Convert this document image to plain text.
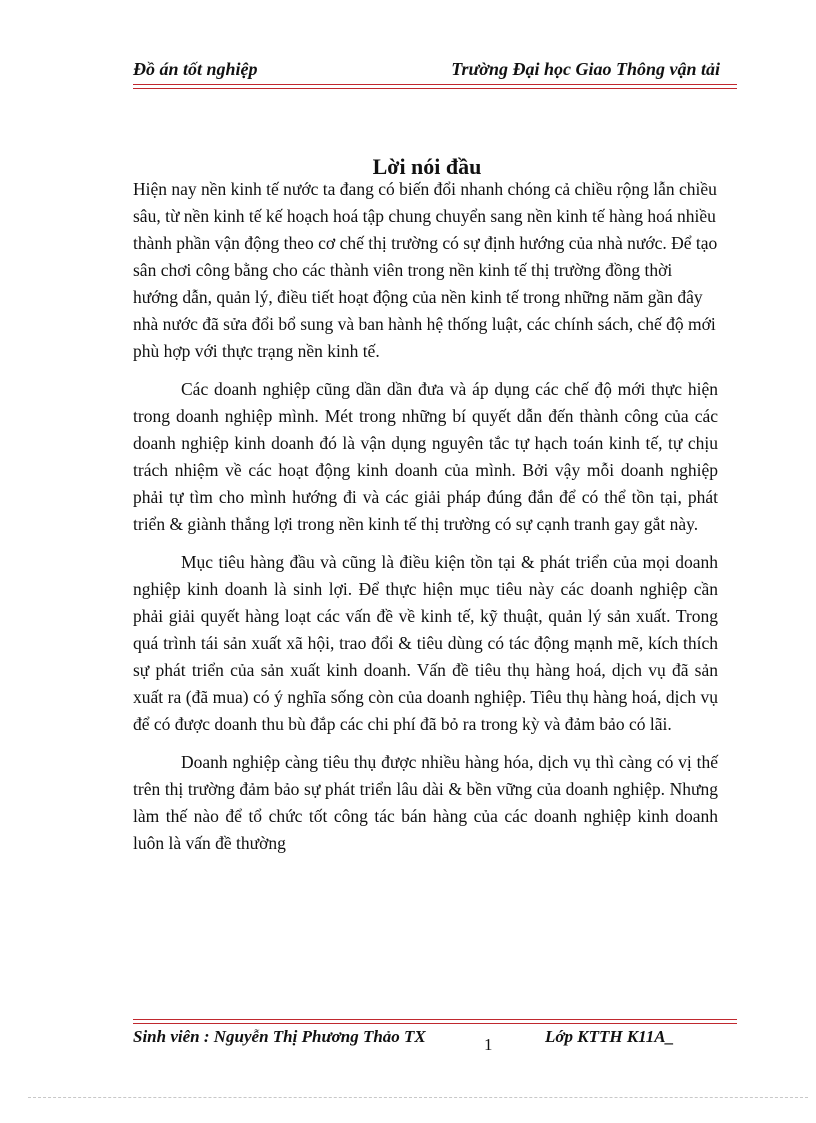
Đồ án tốt nghiệp	Trường Đại học Giao Thông vận tải
Lời nói đầu

Hiện nay nền kinh tế nước ta đang có biến đổi nhanh chóng cả chiều rộng lẫn chiều sâu, từ nền kinh tế kế hoạch hoá tập chung chuyển sang nền kinh tế hàng hoá nhiều thành phần vận động theo cơ chế thị trường có sự định hướng của nhà nước. Để tạo sân chơi công bằng cho các thành viên trong nền kinh tế thị trường đồng thời hướng dẫn, quản lý, điều tiết hoạt động của nền kinh tế trong những năm gần đây nhà nước đã sửa đổi bổ sung và ban hành hệ thống luật, các chính sách, chế độ mới phù hợp với thực trạng nền kinh tế.

Các doanh nghiệp cũng dần dần đưa và áp dụng các chế độ mới thực hiện trong doanh nghiệp mình. Mét trong những bí quyết dẫn đến thành công của các doanh nghiệp kinh doanh đó là vận dụng nguyên tắc tự hạch toán kinh tế, tự chịu trách nhiệm về các hoạt động kinh doanh của mình. Bởi vậy mỗi doanh nghiệp phải tự tìm cho mình hướng đi và các giải pháp đúng đắn để có thể tồn tại, phát triển & giành thắng lợi trong nền kinh tế thị trường có sự cạnh tranh gay gắt này.

Mục tiêu hàng đầu và cũng là điều kiện tồn tại & phát triển của mọi doanh nghiệp kinh doanh là sinh lợi. Để thực hiện mục tiêu này các doanh nghiệp cần phải giải quyết hàng loạt các vấn đề về kinh tế, kỹ thuật, quản lý sản xuất. Trong quá trình tái sản xuất xã hội, trao đổi & tiêu dùng có tác động mạnh mẽ, kích thích sự phát triển của sản xuất kinh doanh. Vấn đề tiêu thụ hàng hoá, dịch vụ đã sản xuất ra (đã mua) có ý nghĩa sống còn của doanh nghiệp. Tiêu thụ hàng hoá, dịch vụ để có được doanh thu bù đắp các chi phí đã bỏ ra trong kỳ và đảm bảo có lãi.

Doanh nghiệp càng tiêu thụ được nhiều hàng hóa, dịch vụ thì càng có vị thế trên thị trường đảm bảo sự phát triển lâu dài & bền vững của doanh nghiệp. Nhưng làm thế nào để tổ chức tốt công tác bán hàng của các doanh nghiệp kinh doanh luôn là vấn đề thường

Sinh viên : Nguyễn Thị Phương Thảo TX	1	Lớp KTTH K11A_
